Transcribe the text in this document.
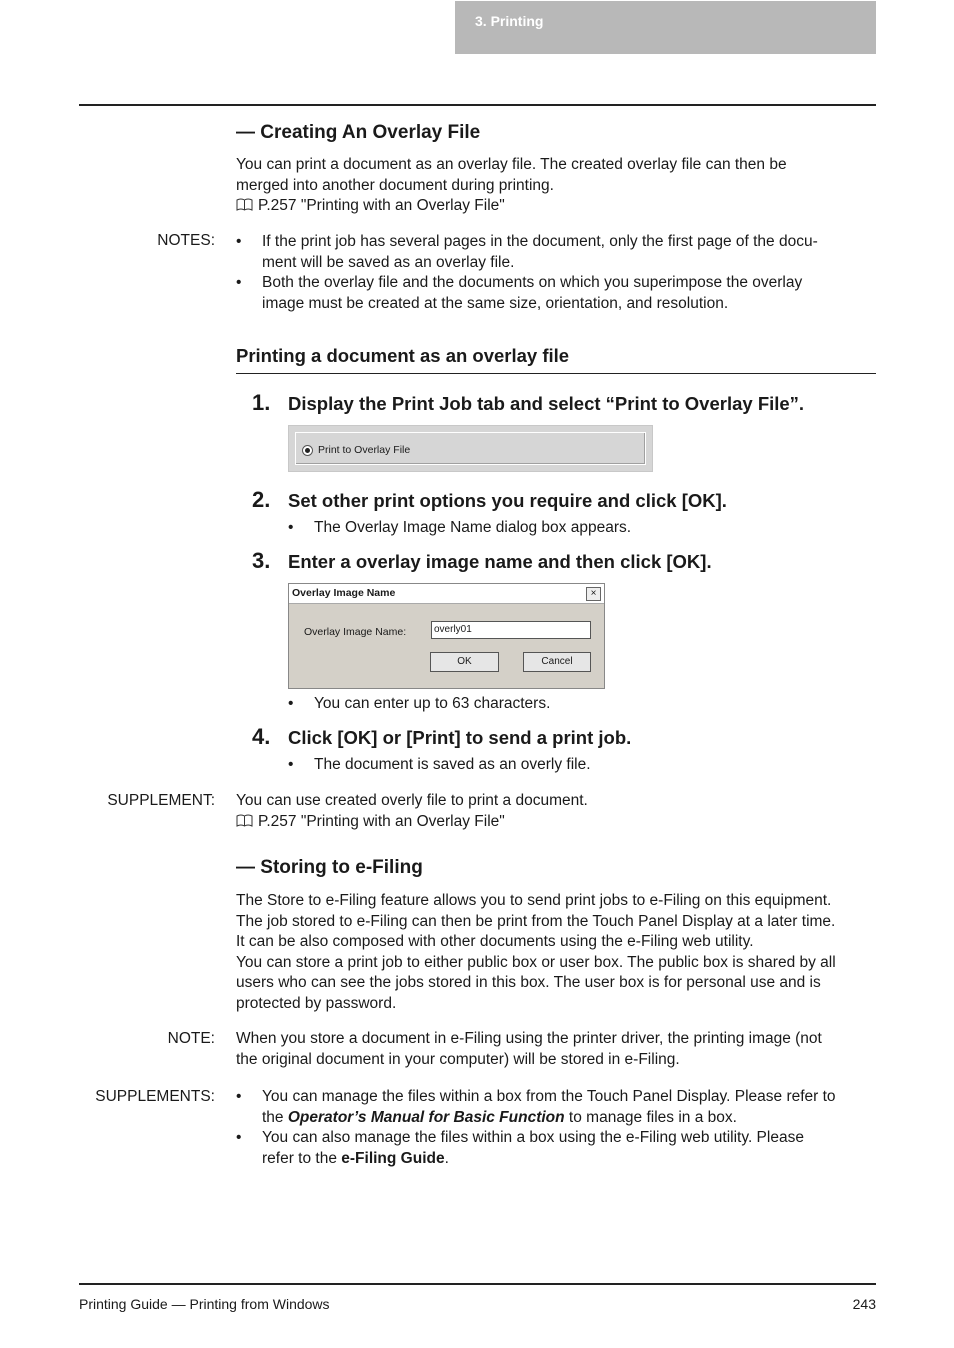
3. Printing
— Creating An Overlay File
You can print a document as an overlay file. The created overlay file can then be
merged into another document during printing.
P.257 "Printing with an Overlay File"
NOTES: • If the print job has several pages in the document, only the first page of the docu-
ment will be saved as an overlay file.
• Both the overlay file and the documents on which you superimpose the overlay
image must be created at the same size, orientation, and resolution.
Printing a document as an overlay file
1. Display the Print Job tab and select “Print to Overlay File”.
Print to Overlay File
2. Set other print options you require and click [OK].
• The Overlay Image Name dialog box appears.
3. Enter a overlay image name and then click [OK].
Overlay Image Name	×
Overlay Image Name:	overly01
OK	Cancel
• You can enter up to 63 characters.
4. Click [OK] or [Print] to send a print job.
• The document is saved as an overly file.
SUPPLEMENT: You can use created overly file to print a document.
P.257 "Printing with an Overlay File"
— Storing to e-Filing
The Store to e-Filing feature allows you to send print jobs to e-Filing on this equipment.
The job stored to e-Filing can then be print from the Touch Panel Display at a later time.
It can be also composed with other documents using the e-Filing web utility.
You can store a print job to either public box or user box. The public box is shared by all
users who can see the jobs stored in this box. The user box is for personal use and is
protected by password.
NOTE: When you store a document in e-Filing using the printer driver, the printing image (not
the original document in your computer) will be stored in e-Filing.
SUPPLEMENTS: • You can manage the files within a box from the Touch Panel Display. Please refer to
the Operator’s Manual for Basic Function to manage files in a box.
• You can also manage the files within a box using the e-Filing web utility. Please
refer to the e-Filing Guide.
Printing Guide — Printing from Windows	243
